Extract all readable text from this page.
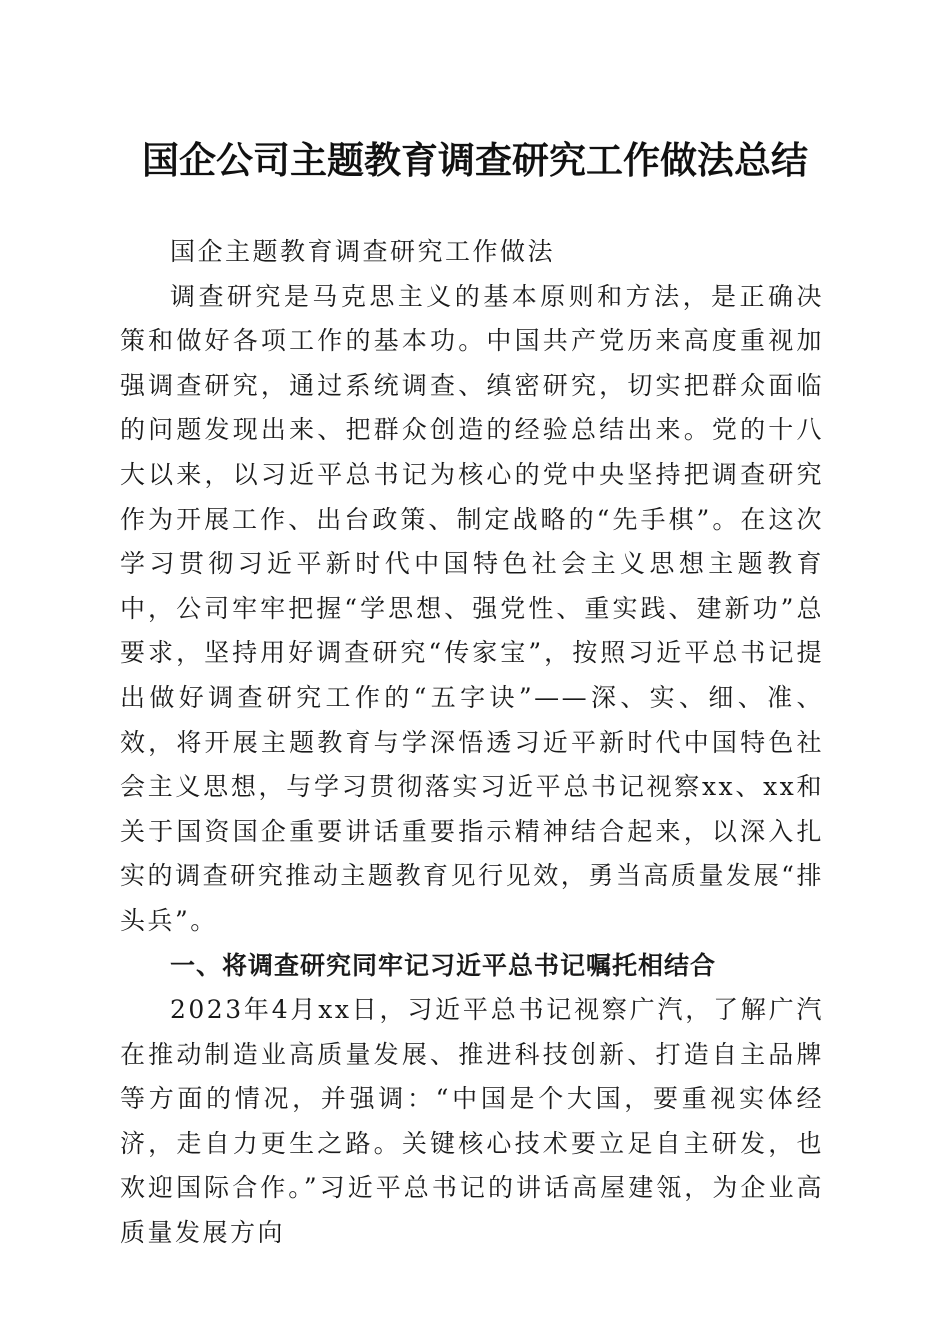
国企公司主题教育调查研究工作做法总结

国企主题教育调查研究工作做法

调查研究是马克思主义的基本原则和方法，是正确决策和做好各项工作的基本功。中国共产党历来高度重视加强调查研究，通过系统调查、缜密研究，切实把群众面临的问题发现出来、把群众创造的经验总结出来。党的十八大以来，以习近平总书记为核心的党中央坚持把调查研究作为开展工作、出台政策、制定战略的“先手棋”。在这次学习贯彻习近平新时代中国特色社会主义思想主题教育中，公司牢牢把握“学思想、强党性、重实践、建新功”总要求，坚持用好调查研究“传家宝”，按照习近平总书记提出做好调查研究工作的“五字诀”——深、实、细、准、效，将开展主题教育与学深悟透习近平新时代中国特色社会主义思想，与学习贯彻落实习近平总书记视察xx、xx和关于国资国企重要讲话重要指示精神结合起来，以深入扎实的调查研究推动主题教育见行见效，勇当高质量发展“排头兵”。

一、将调查研究同牢记习近平总书记嘱托相结合

2023年4月xx日，习近平总书记视察广汽，了解广汽在推动制造业高质量发展、推进科技创新、打造自主品牌等方面的情况，并强调：“中国是个大国，要重视实体经济，走自力更生之路。关键核心技术要立足自主研发，也欢迎国际合作。”习近平总书记的讲话高屋建瓴，为企业高质量发展方向
